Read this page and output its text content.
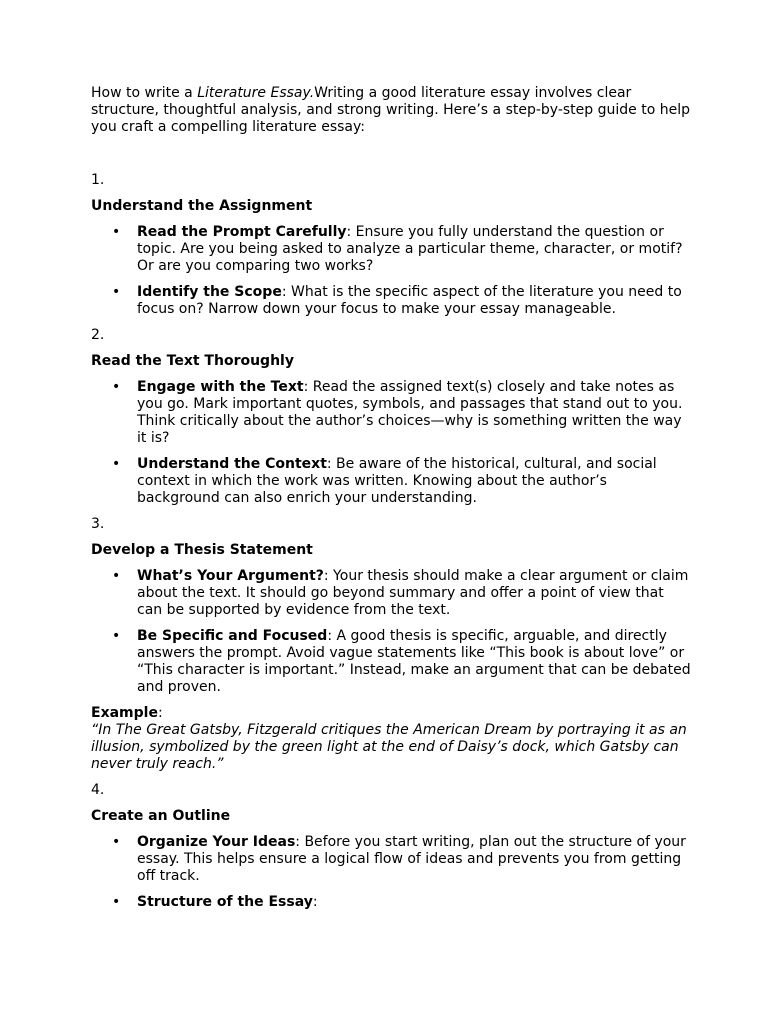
How to write a Literature Essay.Writing a good literature essay involves clear structure, thoughtful analysis, and strong writing. Here’s a step-by-step guide to help you craft a compelling literature essay:

1.

Understand the Assignment

• Read the Prompt Carefully: Ensure you fully understand the question or topic. Are you being asked to analyze a particular theme, character, or motif? Or are you comparing two works?
• Identify the Scope: What is the specific aspect of the literature you need to focus on? Narrow down your focus to make your essay manageable.

2.

Read the Text Thoroughly

• Engage with the Text: Read the assigned text(s) closely and take notes as you go. Mark important quotes, symbols, and passages that stand out to you. Think critically about the author’s choices—why is something written the way it is?
• Understand the Context: Be aware of the historical, cultural, and social context in which the work was written. Knowing about the author’s background can also enrich your understanding.

3.

Develop a Thesis Statement

• What’s Your Argument?: Your thesis should make a clear argument or claim about the text. It should go beyond summary and offer a point of view that can be supported by evidence from the text.
• Be Specific and Focused: A good thesis is specific, arguable, and directly answers the prompt. Avoid vague statements like “This book is about love” or “This character is important.” Instead, make an argument that can be debated and proven.

Example:
“In The Great Gatsby, Fitzgerald critiques the American Dream by portraying it as an illusion, symbolized by the green light at the end of Daisy’s dock, which Gatsby can never truly reach.”

4.

Create an Outline

• Organize Your Ideas: Before you start writing, plan out the structure of your essay. This helps ensure a logical flow of ideas and prevents you from getting off track.
• Structure of the Essay:
